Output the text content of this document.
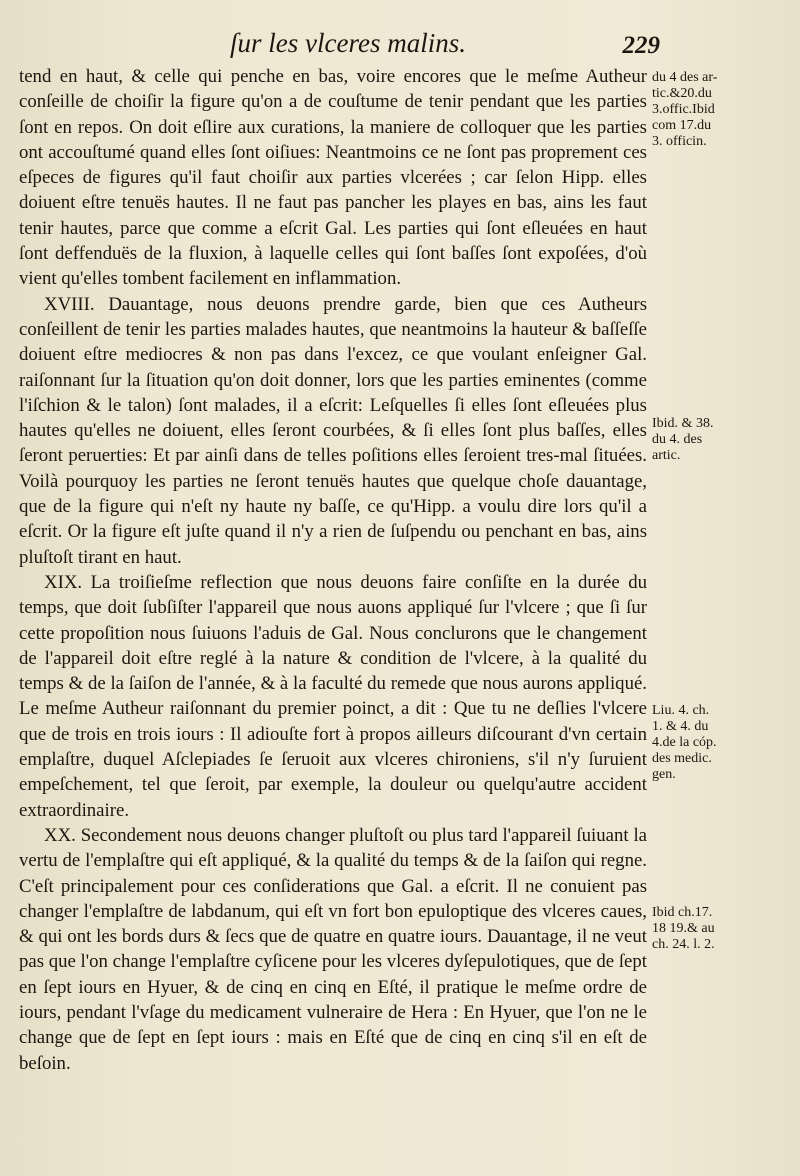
ſur les vlceres malins.	229

tend en haut, & celle qui penche en bas, voire encores que le meſme Autheur conſeille de choiſir la figure qu'on a de couſtume de tenir pendant que les parties ſont en repos. On doit eſlire aux curations, la maniere de colloquer que les parties ont accouſtumé quand elles ſont oiſiues: Neantmoins ce ne ſont pas proprement ces eſpeces de figures qu'il faut choiſir aux parties vlcerées ; car ſelon Hipp. elles doiuent eſtre tenuës hautes. Il ne faut pas pancher les playes en bas, ains les faut tenir hautes, parce que comme a eſcrit Gal. Les parties qui ſont eſleuées en haut ſont deffenduës de la fluxion, à laquelle celles qui ſont baſſes ſont expoſées, d'où vient qu'elles tombent facilement en inflammation.

XVIII. Dauantage, nous deuons prendre garde, bien que ces Autheurs conſeillent de tenir les parties malades hautes, que neantmoins la hauteur & baſſeſſe doiuent eſtre mediocres & non pas dans l'excez, ce que voulant enſeigner Gal. raiſonnant ſur la ſituation qu'on doit donner, lors que les parties eminentes (comme l'iſchion & le talon) ſont malades, il a eſcrit: Leſquelles ſi elles ſont eſleuées plus hautes qu'elles ne doiuent, elles ſeront courbées, & ſi elles ſont plus baſſes, elles ſeront peruerties: Et par ainſi dans de telles poſitions elles ſeroient tres-mal ſituées. Voilà pourquoy les parties ne ſeront tenuës hautes que quelque choſe dauantage, que de la figure qui n'eſt ny haute ny baſſe, ce qu'Hipp. a voulu dire lors qu'il a eſcrit. Or la figure eſt juſte quand il n'y a rien de ſuſpendu ou penchant en bas, ains pluſtoſt tirant en haut.

XIX. La troiſieſme reflection que nous deuons faire conſiſte en la durée du temps, que doit ſubſiſter l'appareil que nous auons appliqué ſur l'vlcere ; que ſi ſur cette propoſition nous ſuiuons l'aduis de Gal. Nous conclurons que le changement de l'appareil doit eſtre reglé à la nature & condition de l'vlcere, à la qualité du temps & de la ſaiſon de l'année, & à la faculté du remede que nous aurons appliqué. Le meſme Autheur raiſonnant du premier poinct, a dit : Que tu ne deſlies l'vlcere que de trois en trois iours : Il adiouſte fort à propos ailleurs diſcourant d'vn certain emplaſtre, duquel Aſclepiades ſe ſeruoit aux vlceres chironiens, s'il n'y ſuruient empeſchement, tel que ſeroit, par exemple, la douleur ou quelqu'autre accident extraordinaire.

XX. Secondement nous deuons changer pluſtoſt ou plus tard l'appareil ſuiuant la vertu de l'emplaſtre qui eſt appliqué, & la qualité du temps & de la ſaiſon qui regne. C'eſt principalement pour ces conſiderations que Gal. a eſcrit. Il ne conuient pas changer l'emplaſtre de labdanum, qui eſt vn fort bon epuloptique des vlceres caues, & qui ont les bords durs & ſecs que de quatre en quatre iours. Dauantage, il ne veut pas que l'on change l'emplaſtre cyſicene pour les vlceres dyſepulotiques, que de ſept en ſept iours en Hyuer, & de cinq en cinq en Eſté, il pratique le meſme ordre de iours, pendant l'vſage du medicament vulneraire de Hera : En Hyuer, que l'on ne le change que de ſept en ſept iours : mais en Eſté que de cinq en cinq s'il en eſt de beſoin.

du 4 des ar-
tic.&20.du
3.offic.Ibid
com 17.du
3. officin.
Ibid. & 38.
du 4. des
artic.
Liu. 4. ch.
1. & 4. du
4.de la cóp.
des medic.
gen.
Ibid ch.17.
18 19.& au
ch. 24. l. 2.
